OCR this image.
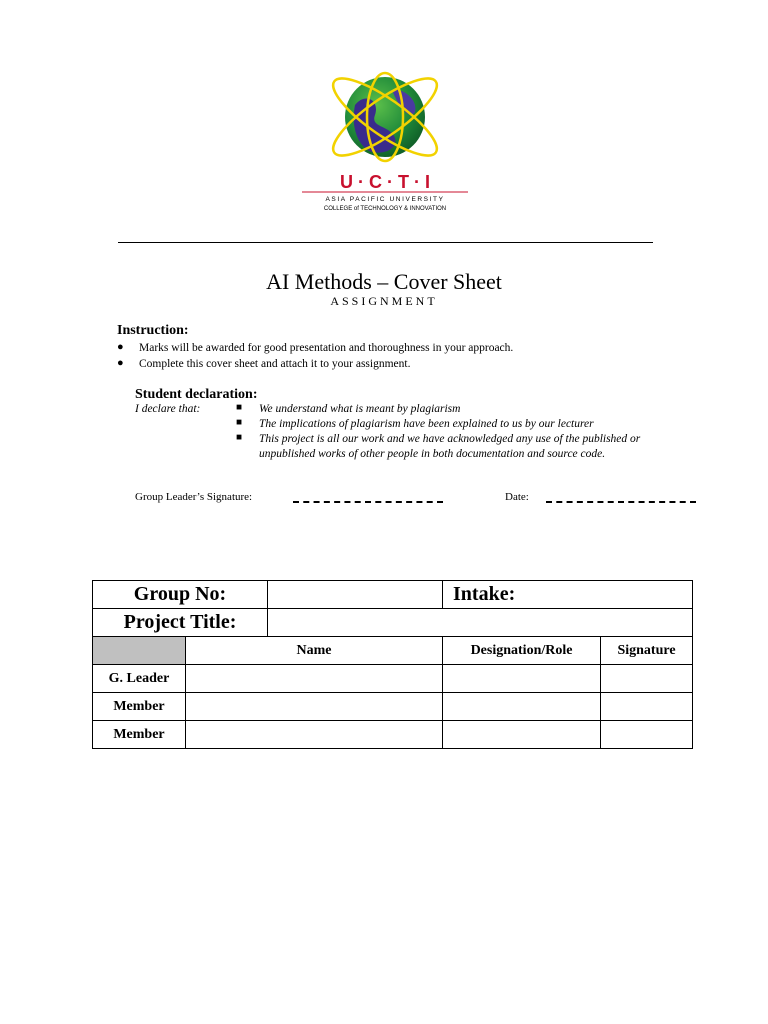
U · C · T · I
ASIA PACIFIC UNIVERSITY
COLLEGE of TECHNOLOGY & INNOVATION
AI Methods – Cover Sheet
ASSIGNMENT
Instruction:
● Marks will be awarded for good presentation and thoroughness in your approach.
● Complete this cover sheet and attach it to your assignment.
Student declaration:
I declare that:	■ We understand what is meant by plagiarism
■ The implications of plagiarism have been explained to us by our lecturer
■ This project is all our work and we have acknowledged any use of the published or
unpublished works of other people in both documentation and source code.
Group Leader’s Signature:	Date:
Group No:			Intake:	
Project Title:				
	Name		Designation/Role	Signature
G. Leader				
Member				
Member				
